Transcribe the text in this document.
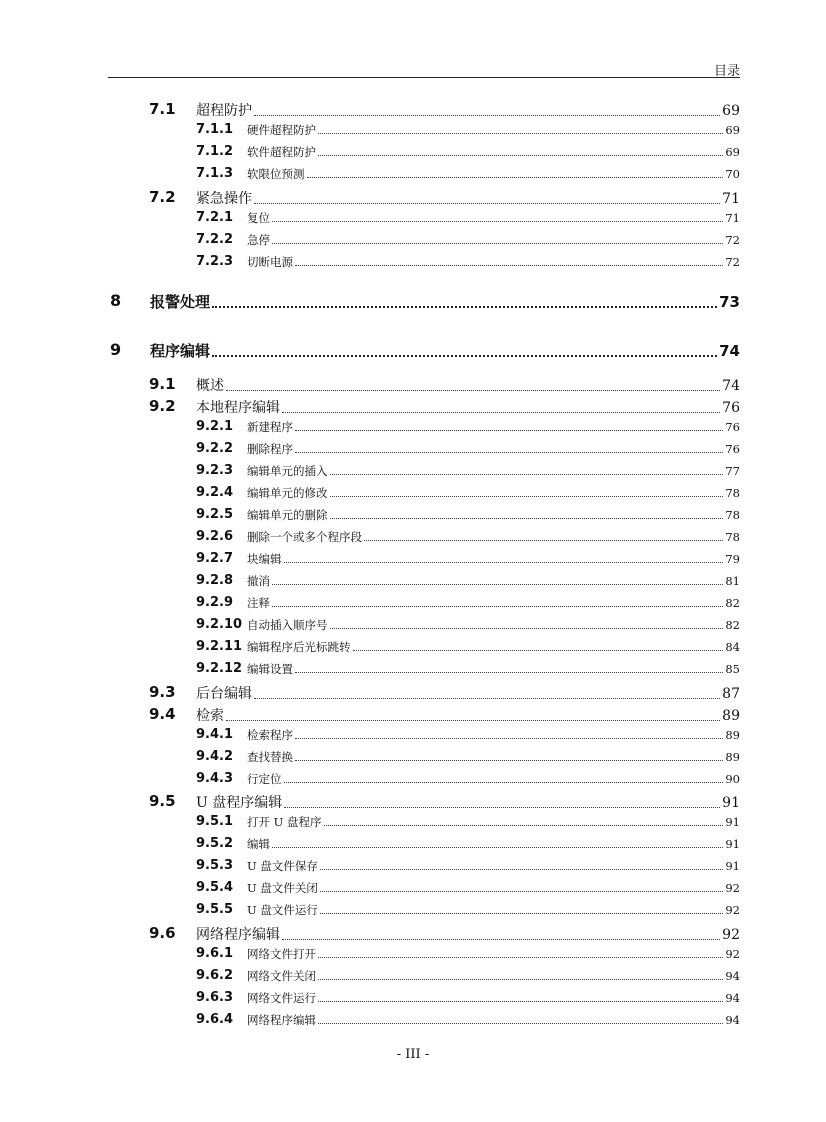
目录
7.1 超程防护	69
7.1.1 硬件超程防护	69
7.1.2 软件超程防护	69
7.1.3 软限位预测	70
7.2 紧急操作	71
7.2.1 复位	71
7.2.2 急停	72
7.2.3 切断电源	72
8 报警处理	73
9 程序编辑	74
9.1 概述	74
9.2 本地程序编辑	76
9.2.1 新建程序	76
9.2.2 删除程序	76
9.2.3 编辑单元的插入	77
9.2.4 编辑单元的修改	78
9.2.5 编辑单元的删除	78
9.2.6 删除一个或多个程序段	78
9.2.7 块编辑	79
9.2.8 撤消	81
9.2.9 注释	82
9.2.10 自动插入顺序号	82
9.2.11 编辑程序后光标跳转	84
9.2.12 编辑设置	85
9.3 后台编辑	87
9.4 检索	89
9.4.1 检索程序	89
9.4.2 查找替换	89
9.4.3 行定位	90
9.5 U 盘程序编辑	91
9.5.1 打开 U 盘程序	91
9.5.2 编辑	91
9.5.3 U 盘文件保存	91
9.5.4 U 盘文件关闭	92
9.5.5 U 盘文件运行	92
9.6 网络程序编辑	92
9.6.1 网络文件打开	92
9.6.2 网络文件关闭	94
9.6.3 网络文件运行	94
9.6.4 网络程序编辑	94
- III -
